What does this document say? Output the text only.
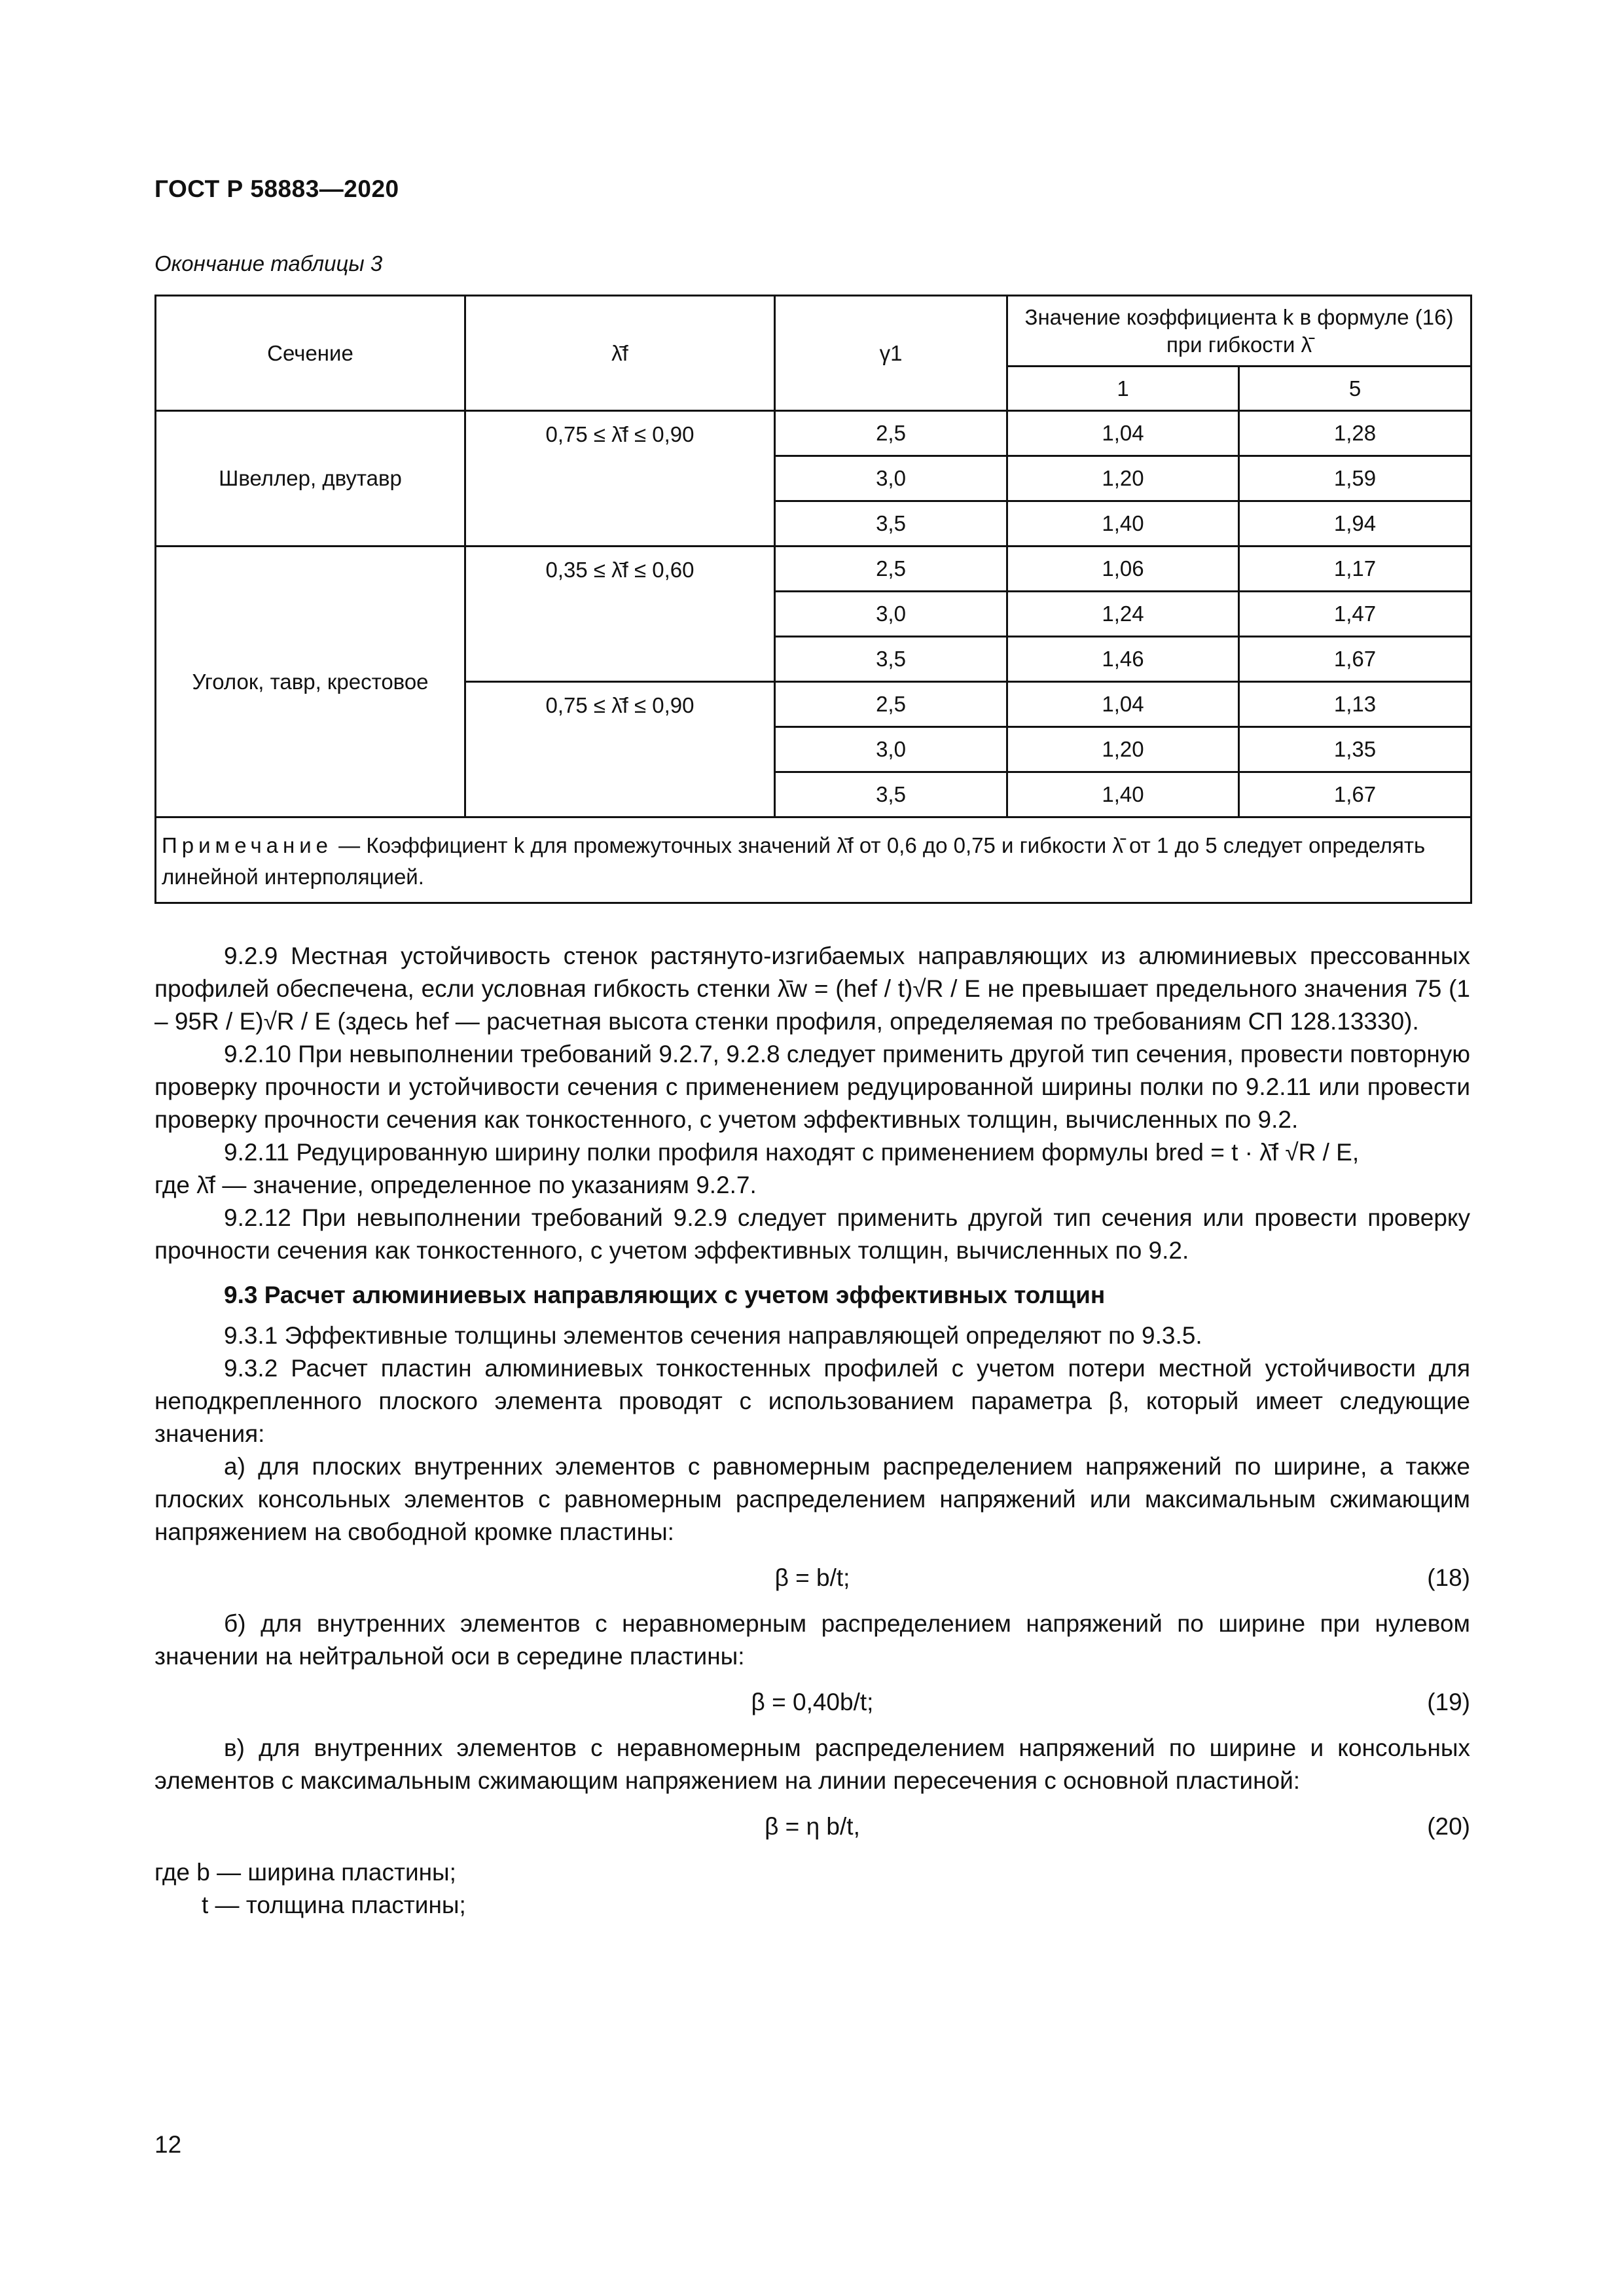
ГОСТ Р 58883—2020
Окончание таблицы 3
Сечение	λ̄f	γ1	Значение коэффициента k в формуле (16) при гибкости λ̄	
			1	5
Швеллер, двутавр	0,75 ≤ λ̄f ≤ 0,90	2,5	1,04	1,28
		3,0	1,20	1,59
		3,5	1,40	1,94
Уголок, тавр, крестовое	0,35 ≤ λ̄f ≤ 0,60	2,5	1,06	1,17
		3,0	1,24	1,47
		3,5	1,46	1,67
	0,75 ≤ λ̄f ≤ 0,90	2,5	1,04	1,13
		3,0	1,20	1,35
		3,5	1,40	1,67
Примечание — Коэффициент k для промежуточных значений λ̄f от 0,6 до 0,75 и гибкости λ̄ от 1 до 5 следует определять линейной интерполяцией.				

9.2.9 Местная устойчивость стенок растянуто-изгибаемых направляющих из алюминиевых прессованных профилей обеспечена, если условная гибкость стенки λ̄w = (hef / t)√R / E не превышает предельного значения 75 (1 – 95R / E)√R / E (здесь hef — расчетная высота стенки профиля, определяемая по требованиям СП 128.13330).

9.2.10 При невыполнении требований 9.2.7, 9.2.8 следует применить другой тип сечения, провести повторную проверку прочности и устойчивости сечения с применением редуцированной ширины полки по 9.2.11 или провести проверку прочности сечения как тонкостенного, с учетом эффективных толщин, вычисленных по 9.2.

9.2.11 Редуцированную ширину полки профиля находят с применением формулы bred = t · λ̄f √R / E,

где λ̄f — значение, определенное по указаниям 9.2.7.

9.2.12 При невыполнении требований 9.2.9 следует применить другой тип сечения или провести проверку прочности сечения как тонкостенного, с учетом эффективных толщин, вычисленных по 9.2.

9.3 Расчет алюминиевых направляющих с учетом эффективных толщин

9.3.1 Эффективные толщины элементов сечения направляющей определяют по 9.3.5.

9.3.2 Расчет пластин алюминиевых тонкостенных профилей с учетом потери местной устойчивости для неподкрепленного плоского элемента проводят с использованием параметра β, который имеет следующие значения:

а) для плоских внутренних элементов с равномерным распределением напряжений по ширине, а также плоских консольных элементов с равномерным распределением напряжений или максимальным сжимающим напряжением на свободной кромке пластины:

β = b/t;	(18)

б) для внутренних элементов с неравномерным распределением напряжений по ширине при нулевом значении на нейтральной оси в середине пластины:

β = 0,40b/t;	(19)

в) для внутренних элементов с неравномерным распределением напряжений по ширине и консольных элементов с максимальным сжимающим напряжением на линии пересечения с основной пластиной:

β = η b/t,	(20)

где b — ширина пластины;

t — толщина пластины;

12
